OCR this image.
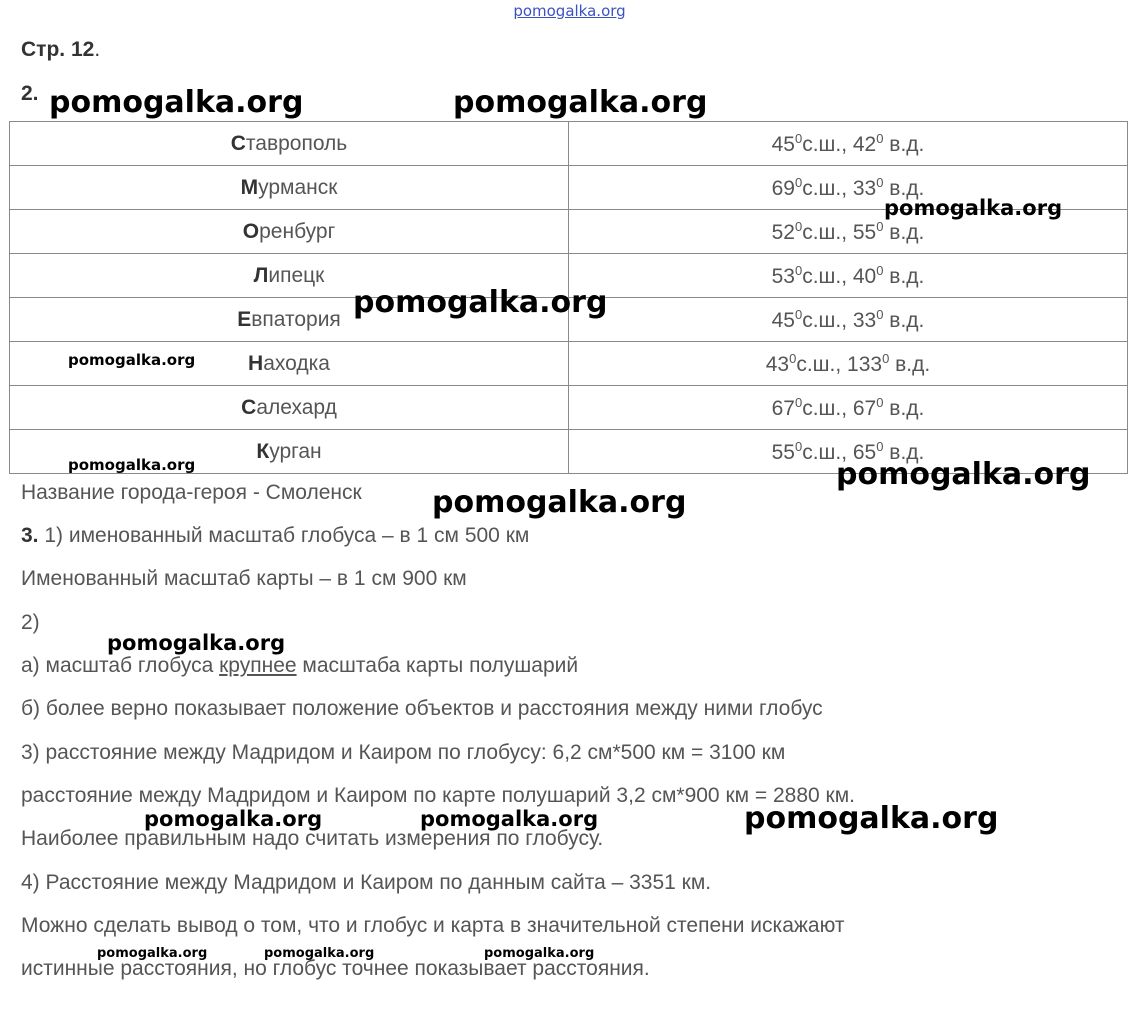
pomogalka.org
Стр. 12.
2.
Ставрополь	$45^0с.ш$., $42^0$ в.д.
Мурманск	$69^0с.ш$., $33^0$ в.д.
Оренбург	$52^0с.ш$., $55^0$ в.д.
Липецк	$53^0с.ш$., $40^0$ в.д.
Евпатория	$45^0с.ш$., $33^0$ в.д.
Находка	$43^0с.ш$., $133^0$ в.д.
Салехард	$67^0с.ш$., $67^0$ в.д.
Курган	$55^0с.ш$., $65^0$ в.д.
Название города-героя - Смоленск
3. 1) именованный масштаб глобуса – в 1 см 500 км
Именованный масштаб карты – в 1 см 900 км
2)
а) масштаб глобуса крупнее масштаба карты полушарий
б) более верно показывает положение объектов и расстояния между ними глобус
3) расстояние между Мадридом и Каиром по глобусу: 6,2 см*500 км = 3100 км
расстояние между Мадридом и Каиром по карте полушарий 3,2 см*900 км = 2880 км.
Наиболее правильным надо считать измерения по глобусу.
4) Расстояние между Мадридом и Каиром по данным сайта – 3351 км.
Можно сделать вывод о том, что и глобус и карта в значительной степени искажают
истинные расстояния, но глобус точнее показывает расстояния.
pomogalka.org	pomogalka.org
pomogalka.org
pomogalka.org
pomogalka.org
pomogalka.org	pomogalka.org
pomogalka.org
pomogalka.org
pomogalka.org	pomogalka.org	pomogalka.org
pomogalka.org	pomogalka.org	pomogalka.org
